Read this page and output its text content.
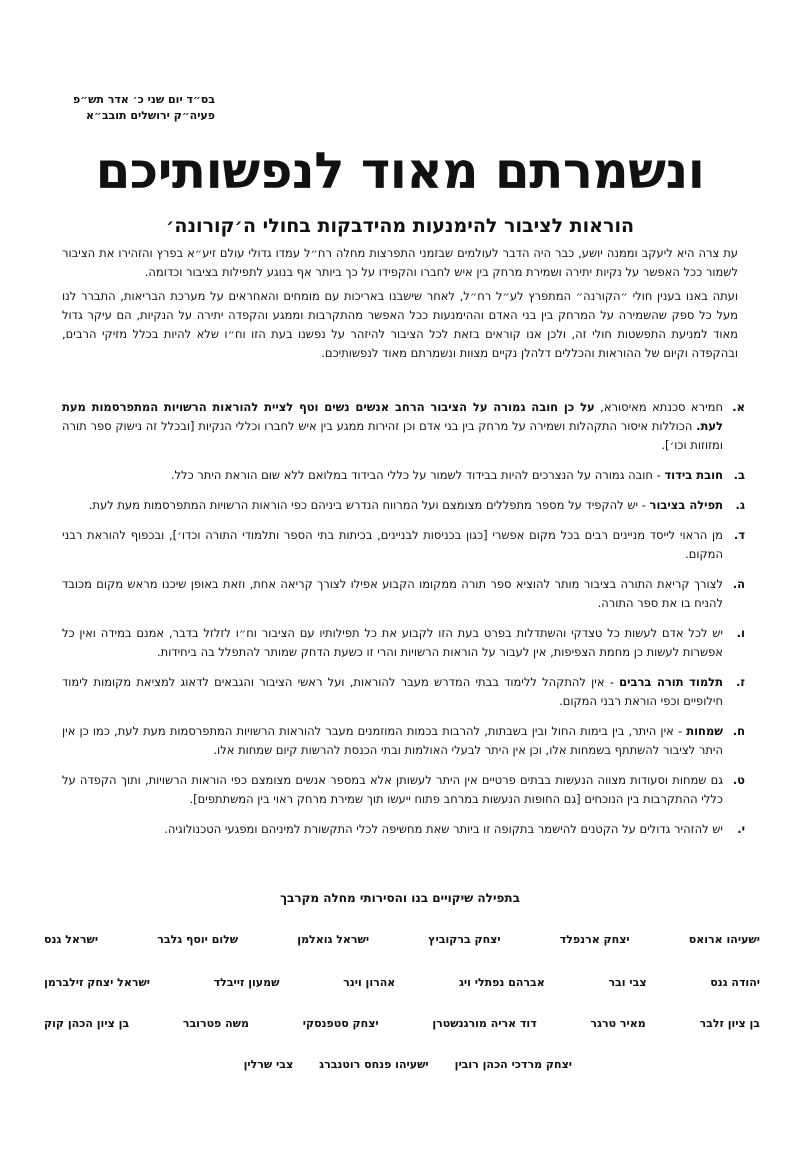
בס״ד יום שני כ׳ אדר תש״פ
פעיה״ק ירושלים תובב״א
ונשמרתם מאוד לנפשותיכם
הוראות לציבור להימנעות מהידבקות בחולי ה׳קורונה׳

עת צרה היא ליעקב וממנה יושע, כבר היה הדבר לעולמים שבזמני התפרצות מחלה רח״ל עמדו גדולי עולם זיע״א בפרץ והזהירו את הציבור לשמור ככל האפשר על נקיות יתירה ושמירת מרחק בין איש לחברו והקפידו על כך ביותר אף בנוגע לתפילות בציבור וכדומה.

ועתה באנו בענין חולי ״הקורנה״ המתפרץ לע״ל רח״ל, לאחר שישבנו באריכות עם מומחים והאחראים על מערכת הבריאות, התברר לנו מעל כל ספק שהשמירה על המרחק בין בני האדם וההימנעות ככל האפשר מהתקרבות וממגע והקפדה יתירה על הנקיות, הם עיקר גדול מאוד למניעת התפשטות חולי זה, ולכן אנו קוראים בזאת לכל הציבור להיזהר על נפשנו בעת הזו וח״ו שלא להיות בכלל מזיקי הרבים, ובהקפדה וקיום של ההוראות והכללים דלהלן נקיים מצוות ונשמרתם מאוד לנפשותיכם.

א.
חמירא סכנתא מאיסורא, על כן חובה גמורה על הציבור הרחב אנשים נשים וטף לציית להוראות הרשויות המתפרסמות מעת לעת. הכוללות איסור התקהלות ושמירה על מרחק בין בני אדם וכן זהירות ממגע בין איש לחברו וכללי הנקיות [ובכלל זה נישוק ספר תורה ומזוזות וכו׳].
ב.
חובת בידוד - חובה גמורה על הנצרכים להיות בבידוד לשמור על כללי הבידוד במלואם ללא שום הוראת היתר כלל.
ג.
תפילה בציבור - יש להקפיד על מספר מתפללים מצומצם ועל המרווח הנדרש ביניהם כפי הוראות הרשויות המתפרסמות מעת לעת.
ד.
מן הראוי לייסד מניינים רבים בכל מקום אפשרי [כגון בכניסות לבניינים, בכיתות בתי הספר ותלמודי התורה וכדו׳], ובכפוף להוראת רבני המקום.
ה.
לצורך קריאת התורה בציבור מותר להוציא ספר תורה ממקומו הקבוע אפילו לצורך קריאה אחת, וזאת באופן שיכנו מראש מקום מכובד להניח בו את ספר התורה.
ו.
יש לכל אדם לעשות כל טצדקי והשתדלות בפרט בעת הזו לקבוע את כל תפילותיו עם הציבור וח״ו לזלזל בדבר, אמנם במידה ואין כל אפשרות לעשות כן מחמת הצפיפות, אין לעבור על הוראות הרשויות והרי זו כשעת הדחק שמותר להתפלל בה ביחידות.
ז.
תלמוד תורה ברבים - אין להתקהל ללימוד בבתי המדרש מעבר להוראות, ועל ראשי הציבור והגבאים לדאוג למציאת מקומות לימוד חילופיים וכפי הוראת רבני המקום.
ח.
שמחות - אין היתר, בין בימות החול ובין בשבתות, להרבות בכמות המוזמנים מעבר להוראות הרשויות המתפרסמות מעת לעת, כמו כן אין היתר לציבור להשתתף בשמחות אלו, וכן אין היתר לבעלי האולמות ובתי הכנסת להרשות קיום שמחות אלו.
ט.
גם שמחות וסעודות מצווה הנעשות בבתים פרטיים אין היתר לעשותן אלא במספר אנשים מצומצם כפי הוראות הרשויות, ותוך הקפדה על כללי ההתקרבות בין הנוכחים [גם החופות הנעשות במרחב פתוח ייעשו תוך שמירת מרחק ראוי בין המשתתפים].
י.
יש להזהיר גדולים על הקטנים להישמר בתקופה זו ביותר שאת מחשיפה לכלי התקשורת למיניהם ומפגעי הטכנולוגיה.
בתפילה שיקויים בנו והסירותי מחלה מקרבך
ישעיהו ארואס
יצחק ארנפלד
יצחק ברקוביץ
ישראל גואלמן
שלום יוסף גלבר
ישראל גנס
יהודה גנס
צבי ובר
אברהם נפתלי ויג
אהרון וינר
שמעון זייבלד
ישראל יצחק זילברמן
בן ציון זלבר
מאיר טרגר
דוד אריה מורגנשטרן
יצחק סטפנסקי
משה פטרובר
בן ציון הכהן קוק
יצחק מרדכי הכהן רובין
ישעיהו פנחס רוטנברג
צבי שרלין
